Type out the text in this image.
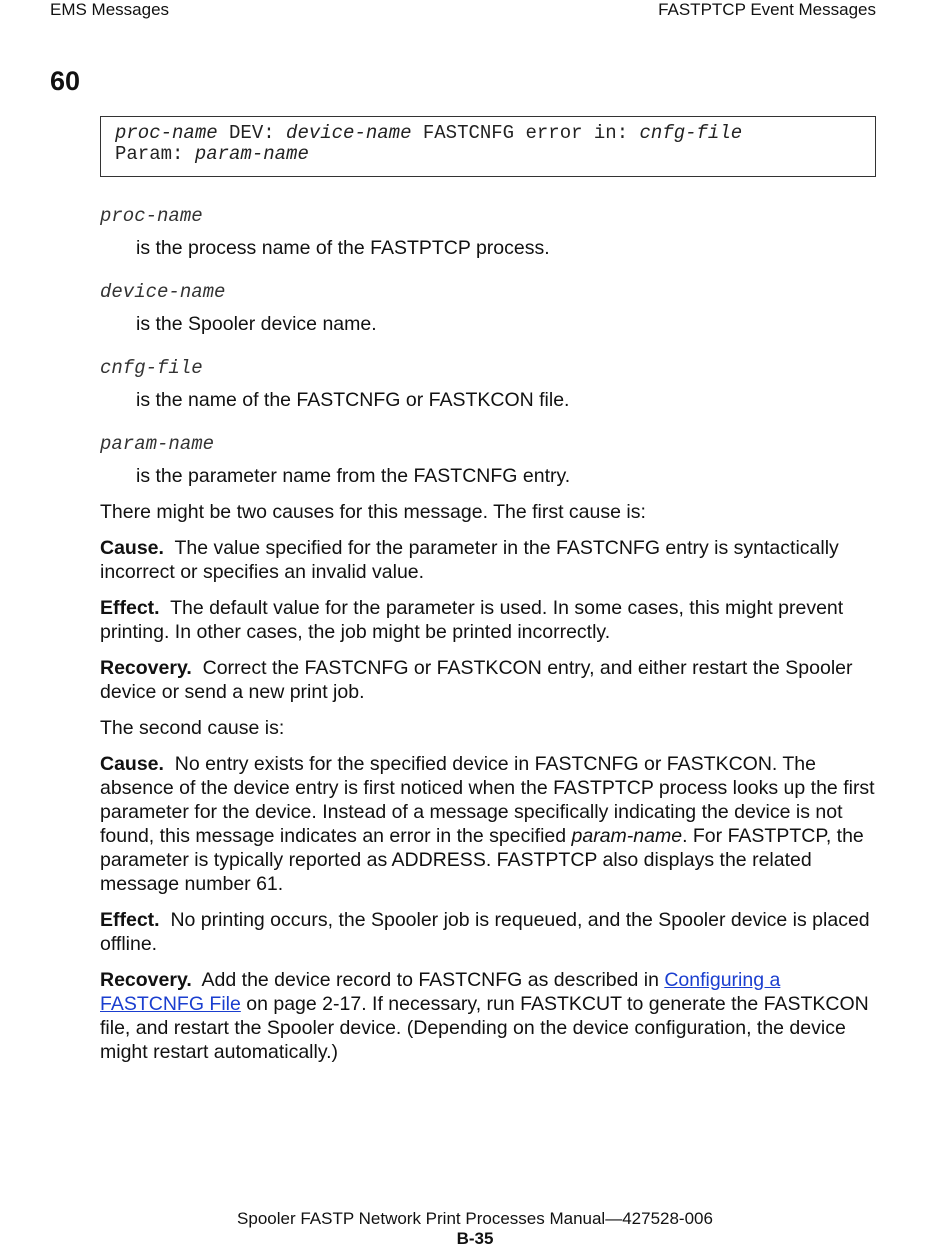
EMS Messages	FASTPTCP Event Messages
60
proc-name DEV: device-name FASTCNFG error in: cnfg-file
Param: param-name
proc-name
is the process name of the FASTPTCP process.
device-name
is the Spooler device name.
cnfg-file
is the name of the FASTCNFG or FASTKCON file.
param-name
is the parameter name from the FASTCNFG entry.

There might be two causes for this message. The first cause is:

Cause. The value specified for the parameter in the FASTCNFG entry is syntactically incorrect or specifies an invalid value.

Effect. The default value for the parameter is used. In some cases, this might prevent printing. In other cases, the job might be printed incorrectly.

Recovery. Correct the FASTCNFG or FASTKCON entry, and either restart the Spooler device or send a new print job.

The second cause is:

Cause. No entry exists for the specified device in FASTCNFG or FASTKCON. The absence of the device entry is first noticed when the FASTPTCP process looks up the first parameter for the device. Instead of a message specifically indicating the device is not found, this message indicates an error in the specified param-name. For FASTPTCP, the parameter is typically reported as ADDRESS. FASTPTCP also displays the related message number 61.

Effect. No printing occurs, the Spooler job is requeued, and the Spooler device is placed offline.

Recovery. Add the device record to FASTCNFG as described in Configuring a FASTCNFG File on page 2-17. If necessary, run FASTKCUT to generate the FASTKCON file, and restart the Spooler device. (Depending on the device configuration, the device might restart automatically.)

Spooler FASTP Network Print Processes Manual—427528-006
B-35
